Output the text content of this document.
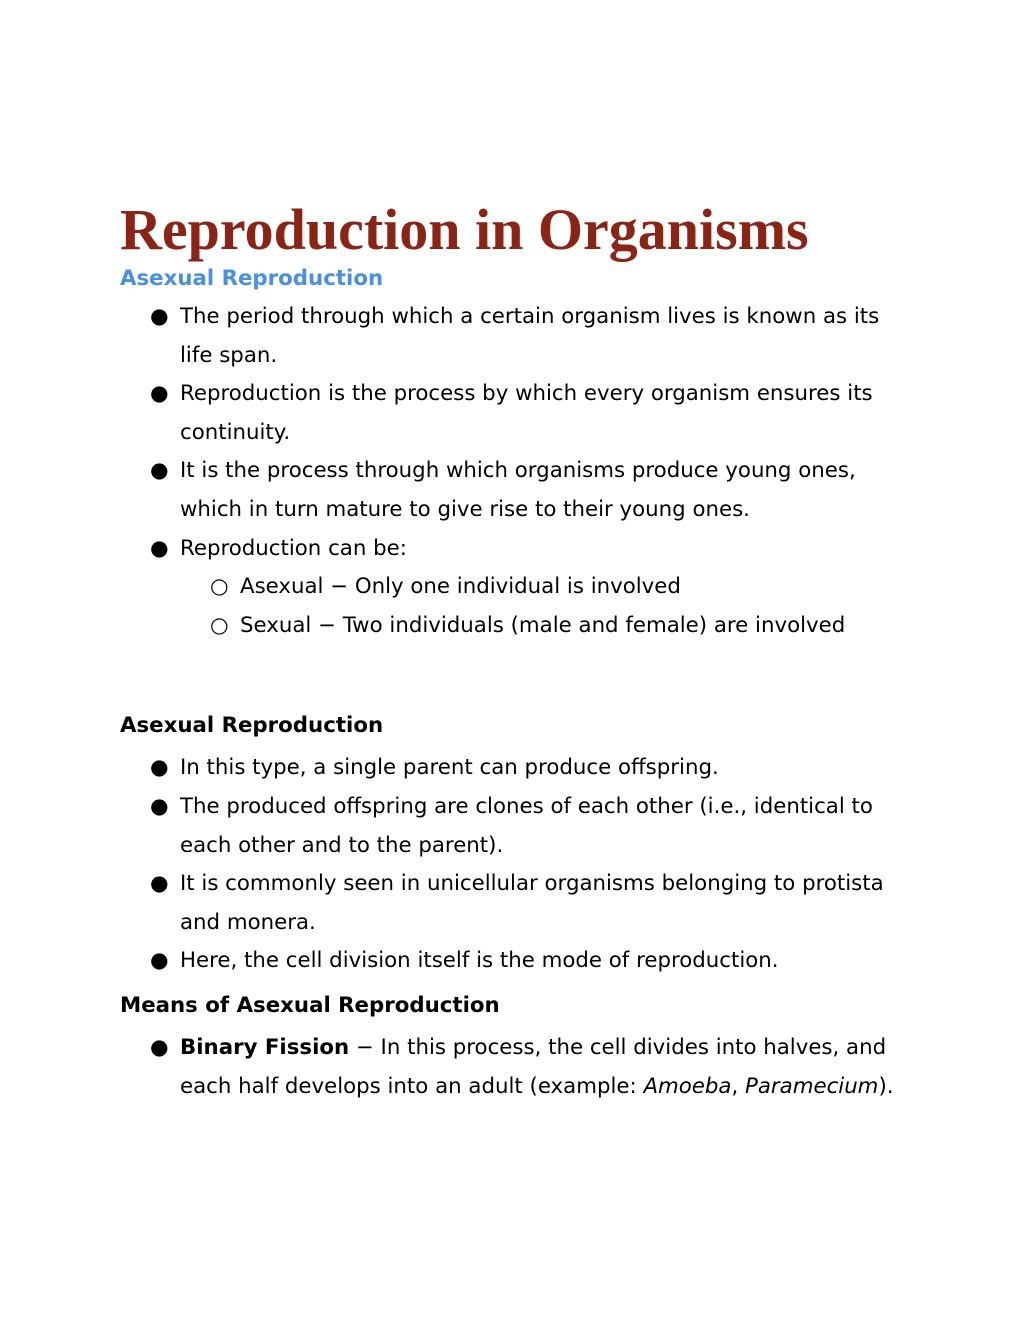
Reproduction in Organisms
Asexual Reproduction
● The period through which a certain organism lives is known as its life span.
● Reproduction is the process by which every organism ensures its continuity.
● It is the process through which organisms produce young ones, which in turn mature to give rise to their young ones.
● Reproduction can be:
○ Asexual − Only one individual is involved
○ Sexual − Two individuals (male and female) are involved
Asexual Reproduction
● In this type, a single parent can produce offspring.
● The produced offspring are clones of each other (i.e., identical to each other and to the parent).
● It is commonly seen in unicellular organisms belonging to protista and monera.
● Here, the cell division itself is the mode of reproduction.
Means of Asexual Reproduction
● Binary Fission − In this process, the cell divides into halves, and each half develops into an adult (example: Amoeba, Paramecium).
